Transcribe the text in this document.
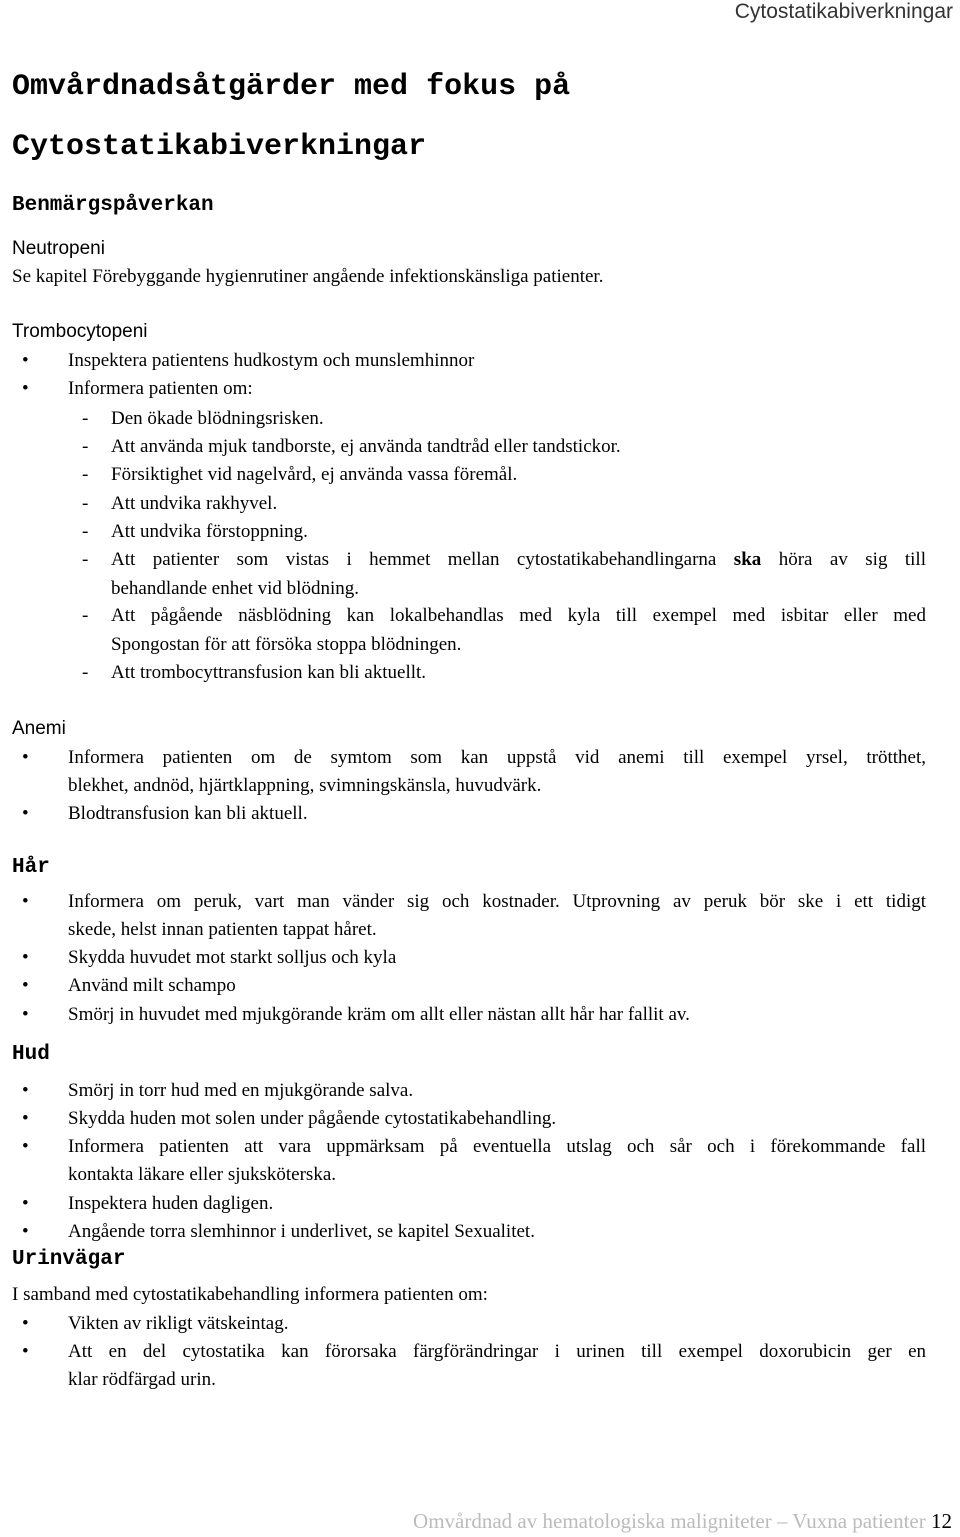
Cytostatikabiverkningar
Omvårdnadsåtgärder med fokus på
Cytostatikabiverkningar
Benmärgspåverkan
Neutropeni
Se kapitel Förebyggande hygienrutiner angående infektionskänsliga patienter.
Trombocytopeni
• Inspektera patientens hudkostym och munslemhinnor
• Informera patienten om:
- Den ökade blödningsrisken.
- Att använda mjuk tandborste, ej använda tandtråd eller tandstickor.
- Försiktighet vid nagelvård, ej använda vassa föremål.
- Att undvika rakhyvel.
- Att undvika förstoppning.
- Att patienter som vistas i hemmet mellan cytostatikabehandlingarna ska höra av sig till
behandlande enhet vid blödning.
- Att pågående näsblödning kan lokalbehandlas med kyla till exempel med isbitar eller med
Spongostan för att försöka stoppa blödningen.
- Att trombocyttransfusion kan bli aktuellt.
Anemi
• Informera patienten om de symtom som kan uppstå vid anemi till exempel yrsel, trötthet,
blekhet, andnöd, hjärtklappning, svimningskänsla, huvudvärk.
• Blodtransfusion kan bli aktuell.
Hår
• Informera om peruk, vart man vänder sig och kostnader. Utprovning av peruk bör ske i ett tidigt
skede, helst innan patienten tappat håret.
• Skydda huvudet mot starkt solljus och kyla
• Använd milt schampo
• Smörj in huvudet med mjukgörande kräm om allt eller nästan allt hår har fallit av.
Hud
• Smörj in torr hud med en mjukgörande salva.
• Skydda huden mot solen under pågående cytostatikabehandling.
• Informera patienten att vara uppmärksam på eventuella utslag och sår och i förekommande fall
kontakta läkare eller sjuksköterska.
• Inspektera huden dagligen.
• Angående torra slemhinnor i underlivet, se kapitel Sexualitet.
Urinvägar
I samband med cytostatikabehandling informera patienten om:
• Vikten av rikligt vätskeintag.
• Att en del cytostatika kan förorsaka färgförändringar i urinen till exempel doxorubicin ger en
klar rödfärgad urin.
Omvårdnad av hematologiska maligniteter – Vuxna patienter 12
